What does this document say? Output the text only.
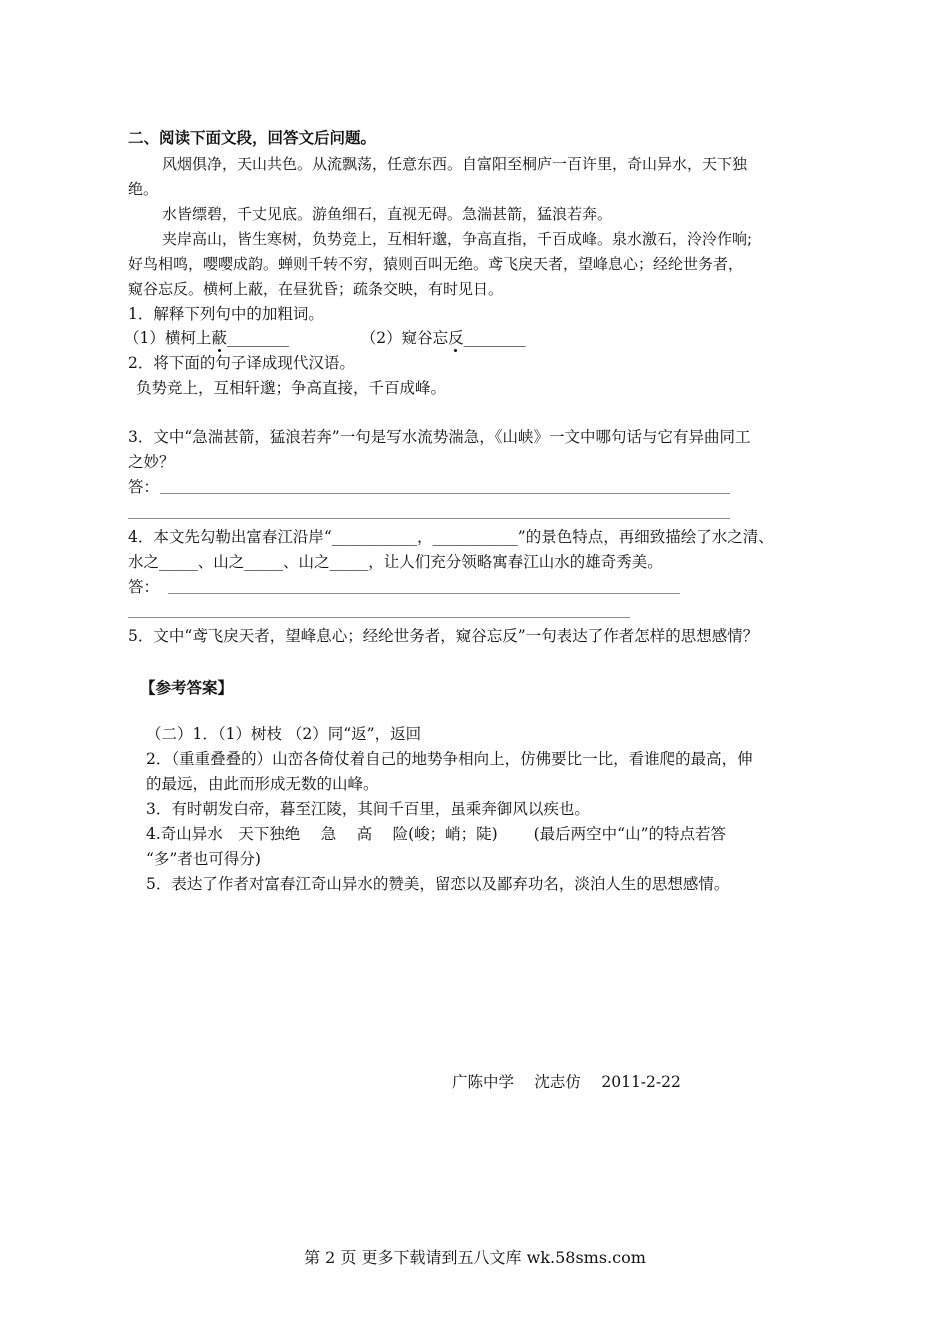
二、阅读下面文段，回答文后问题。
风烟俱净，天山共色。从流飘荡，任意东西。自富阳至桐庐一百许里，奇山异水，天下独
绝。
水皆缥碧，千丈见底。游鱼细石，直视无碍。急湍甚箭，猛浪若奔。
夹岸高山，皆生寒树，负势竞上，互相轩邈，争高直指，千百成峰。泉水激石，泠泠作响;
好鸟相鸣，嘤嘤成韵。蝉则千转不穷，猿则百叫无绝。鸢飞戾天者，望峰息心；经纶世务者，
窥谷忘反。横柯上蔽，在昼犹昏；疏条交映，有时见日。
1．解释下列句中的加粗词。
（1）横柯上蔽________	（2）窥谷忘反________
2．将下面的句子译成现代汉语。
负势竞上，互相轩邈；争高直接，千百成峰。
3．文中“急湍甚箭，猛浪若奔”一句是写水流势湍急，《山峡》一文中哪句话与它有异曲同工
之妙？
答：
4．本文先勾勒出富春江沿岸“___________，___________”的景色特点，再细致描绘了水之清、
水之_____、山之_____、山之_____，让人们充分领略寓春江山水的雄奇秀美。
答：
5．文中“鸢飞戾天者，望峰息心；经纶世务者，窥谷忘反”一句表达了作者怎样的思想感情？
【参考答案】
（二）1．（1）树枝 （2）同“返”，返回
2．（重重叠叠的）山峦各倚仗着自己的地势争相向上，仿佛要比一比，看谁爬的最高，伸
的最远，由此而形成无数的山峰。
3．有时朝发白帝，暮至江陵，其间千百里，虽乘奔御风以疾也。
4.奇山异水　天下独绝　 急　 高　 险(峻；峭；陡)　　 (最后两空中“山”的特点若答
“多”者也可得分)
5．表达了作者对富春江奇山异水的赞美，留恋以及鄙弃功名，淡泊人生的思想感情。
广陈中学　 沈志仿　 2011-2-22
第 2 页 更多下载请到五八文库 wk.58sms.com
